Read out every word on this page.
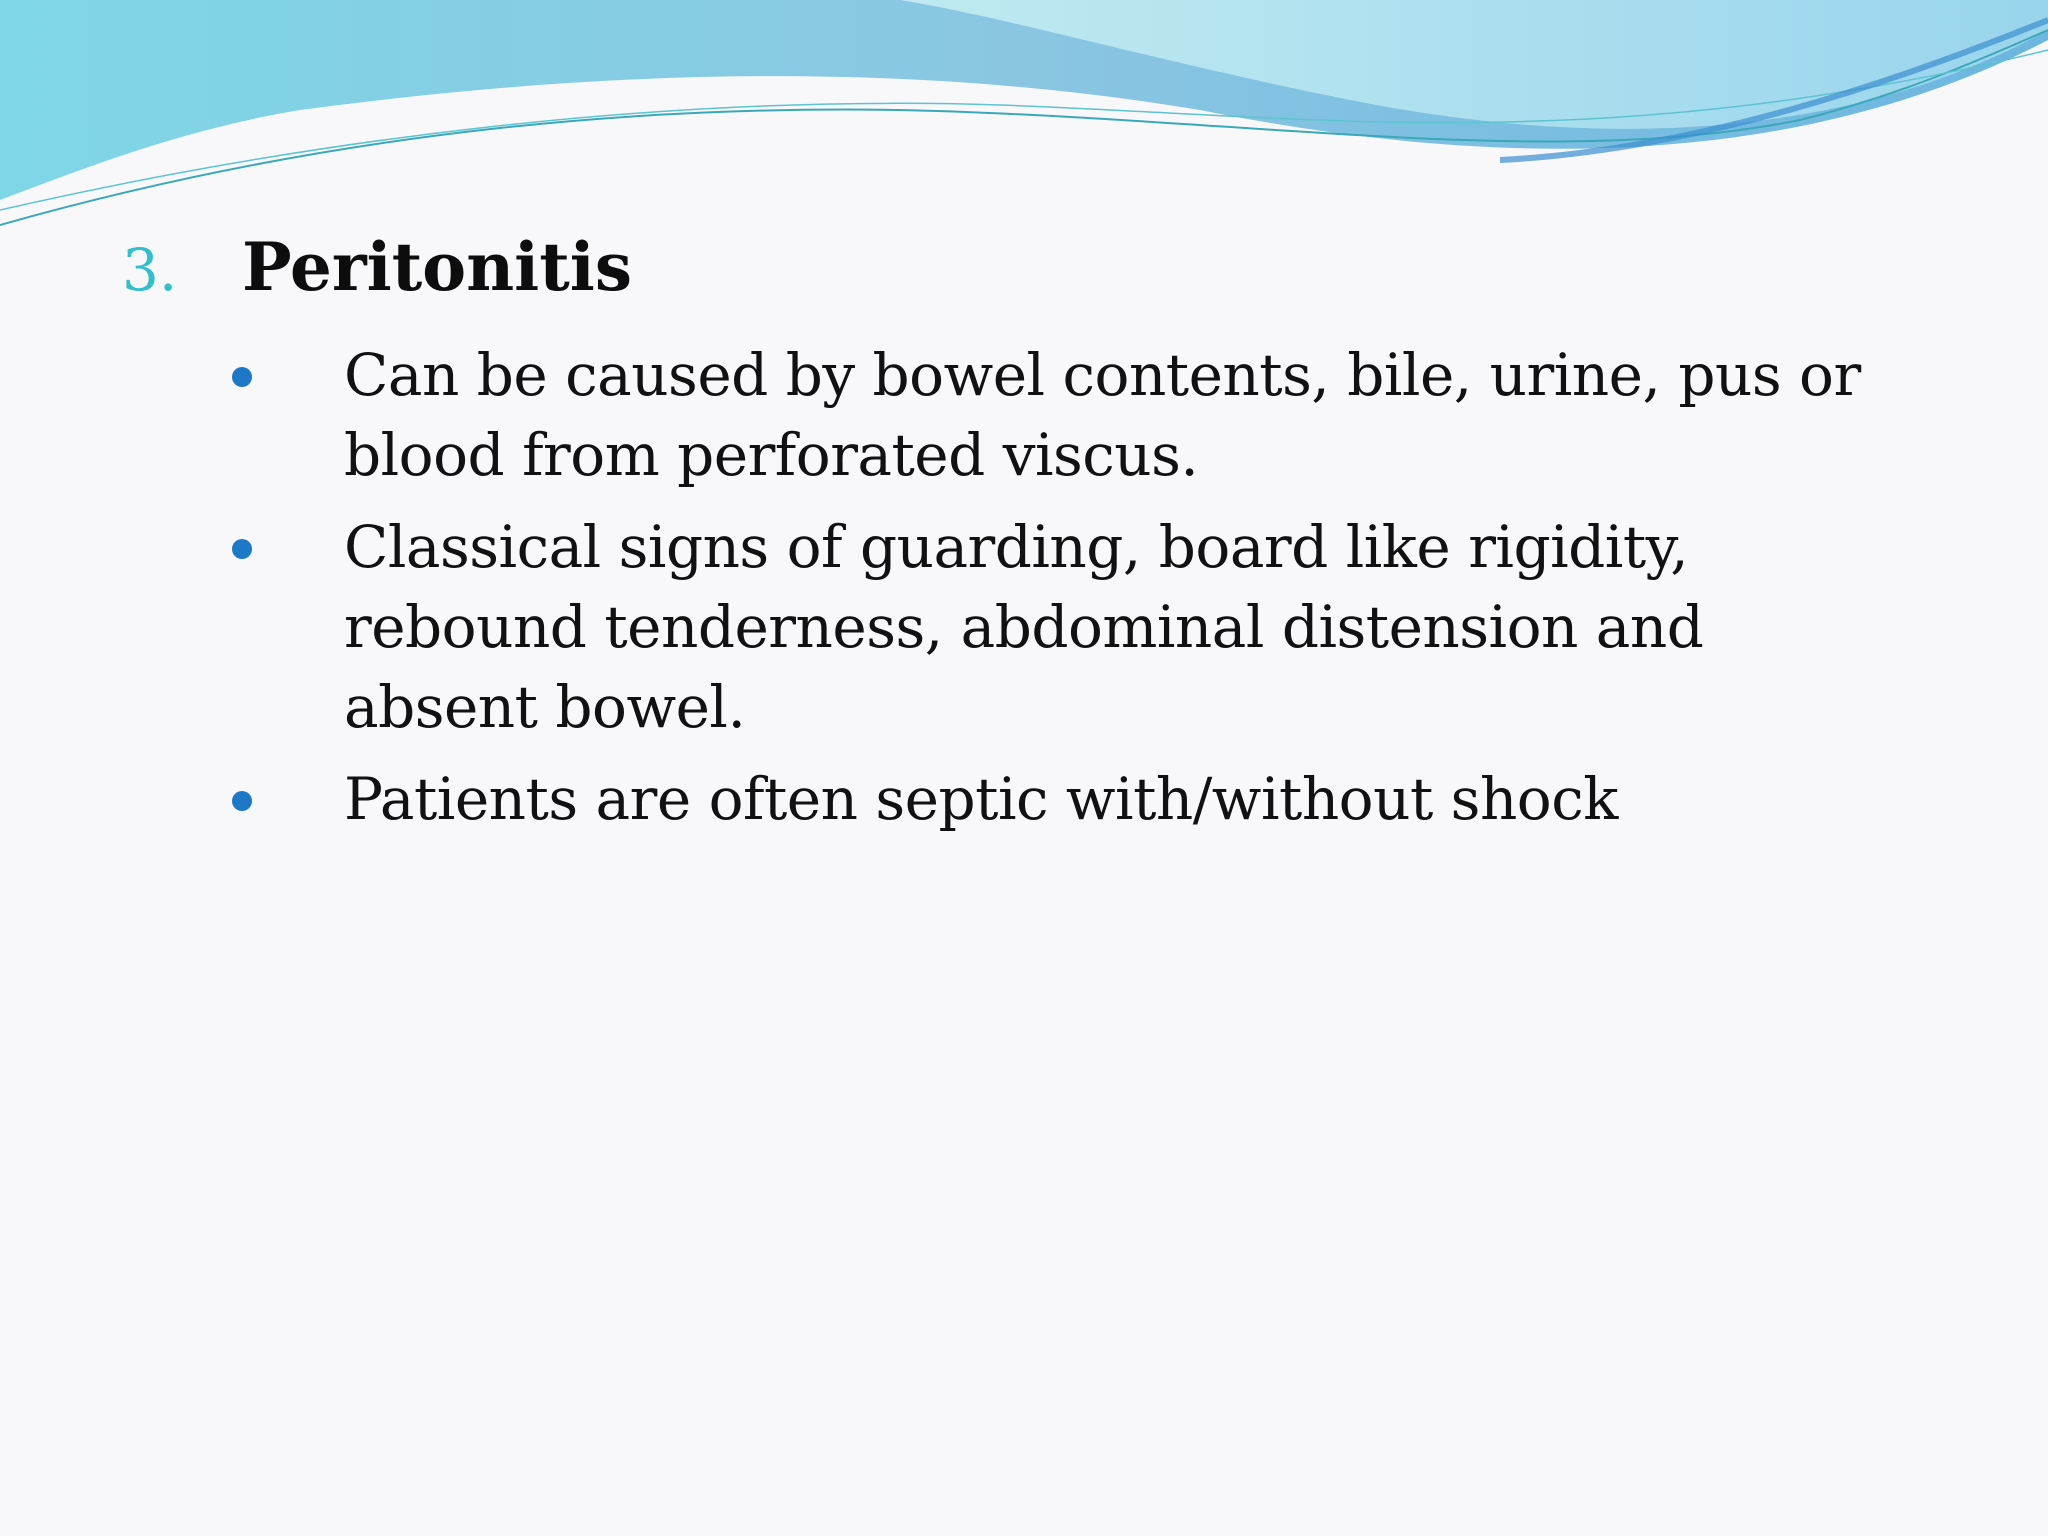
3. Peritonitis
Can be caused by bowel contents, bile, urine, pus or blood from perforated viscus.
Classical signs of guarding, board like rigidity, rebound tenderness, abdominal distension and absent bowel.
Patients are often septic with/without shock
